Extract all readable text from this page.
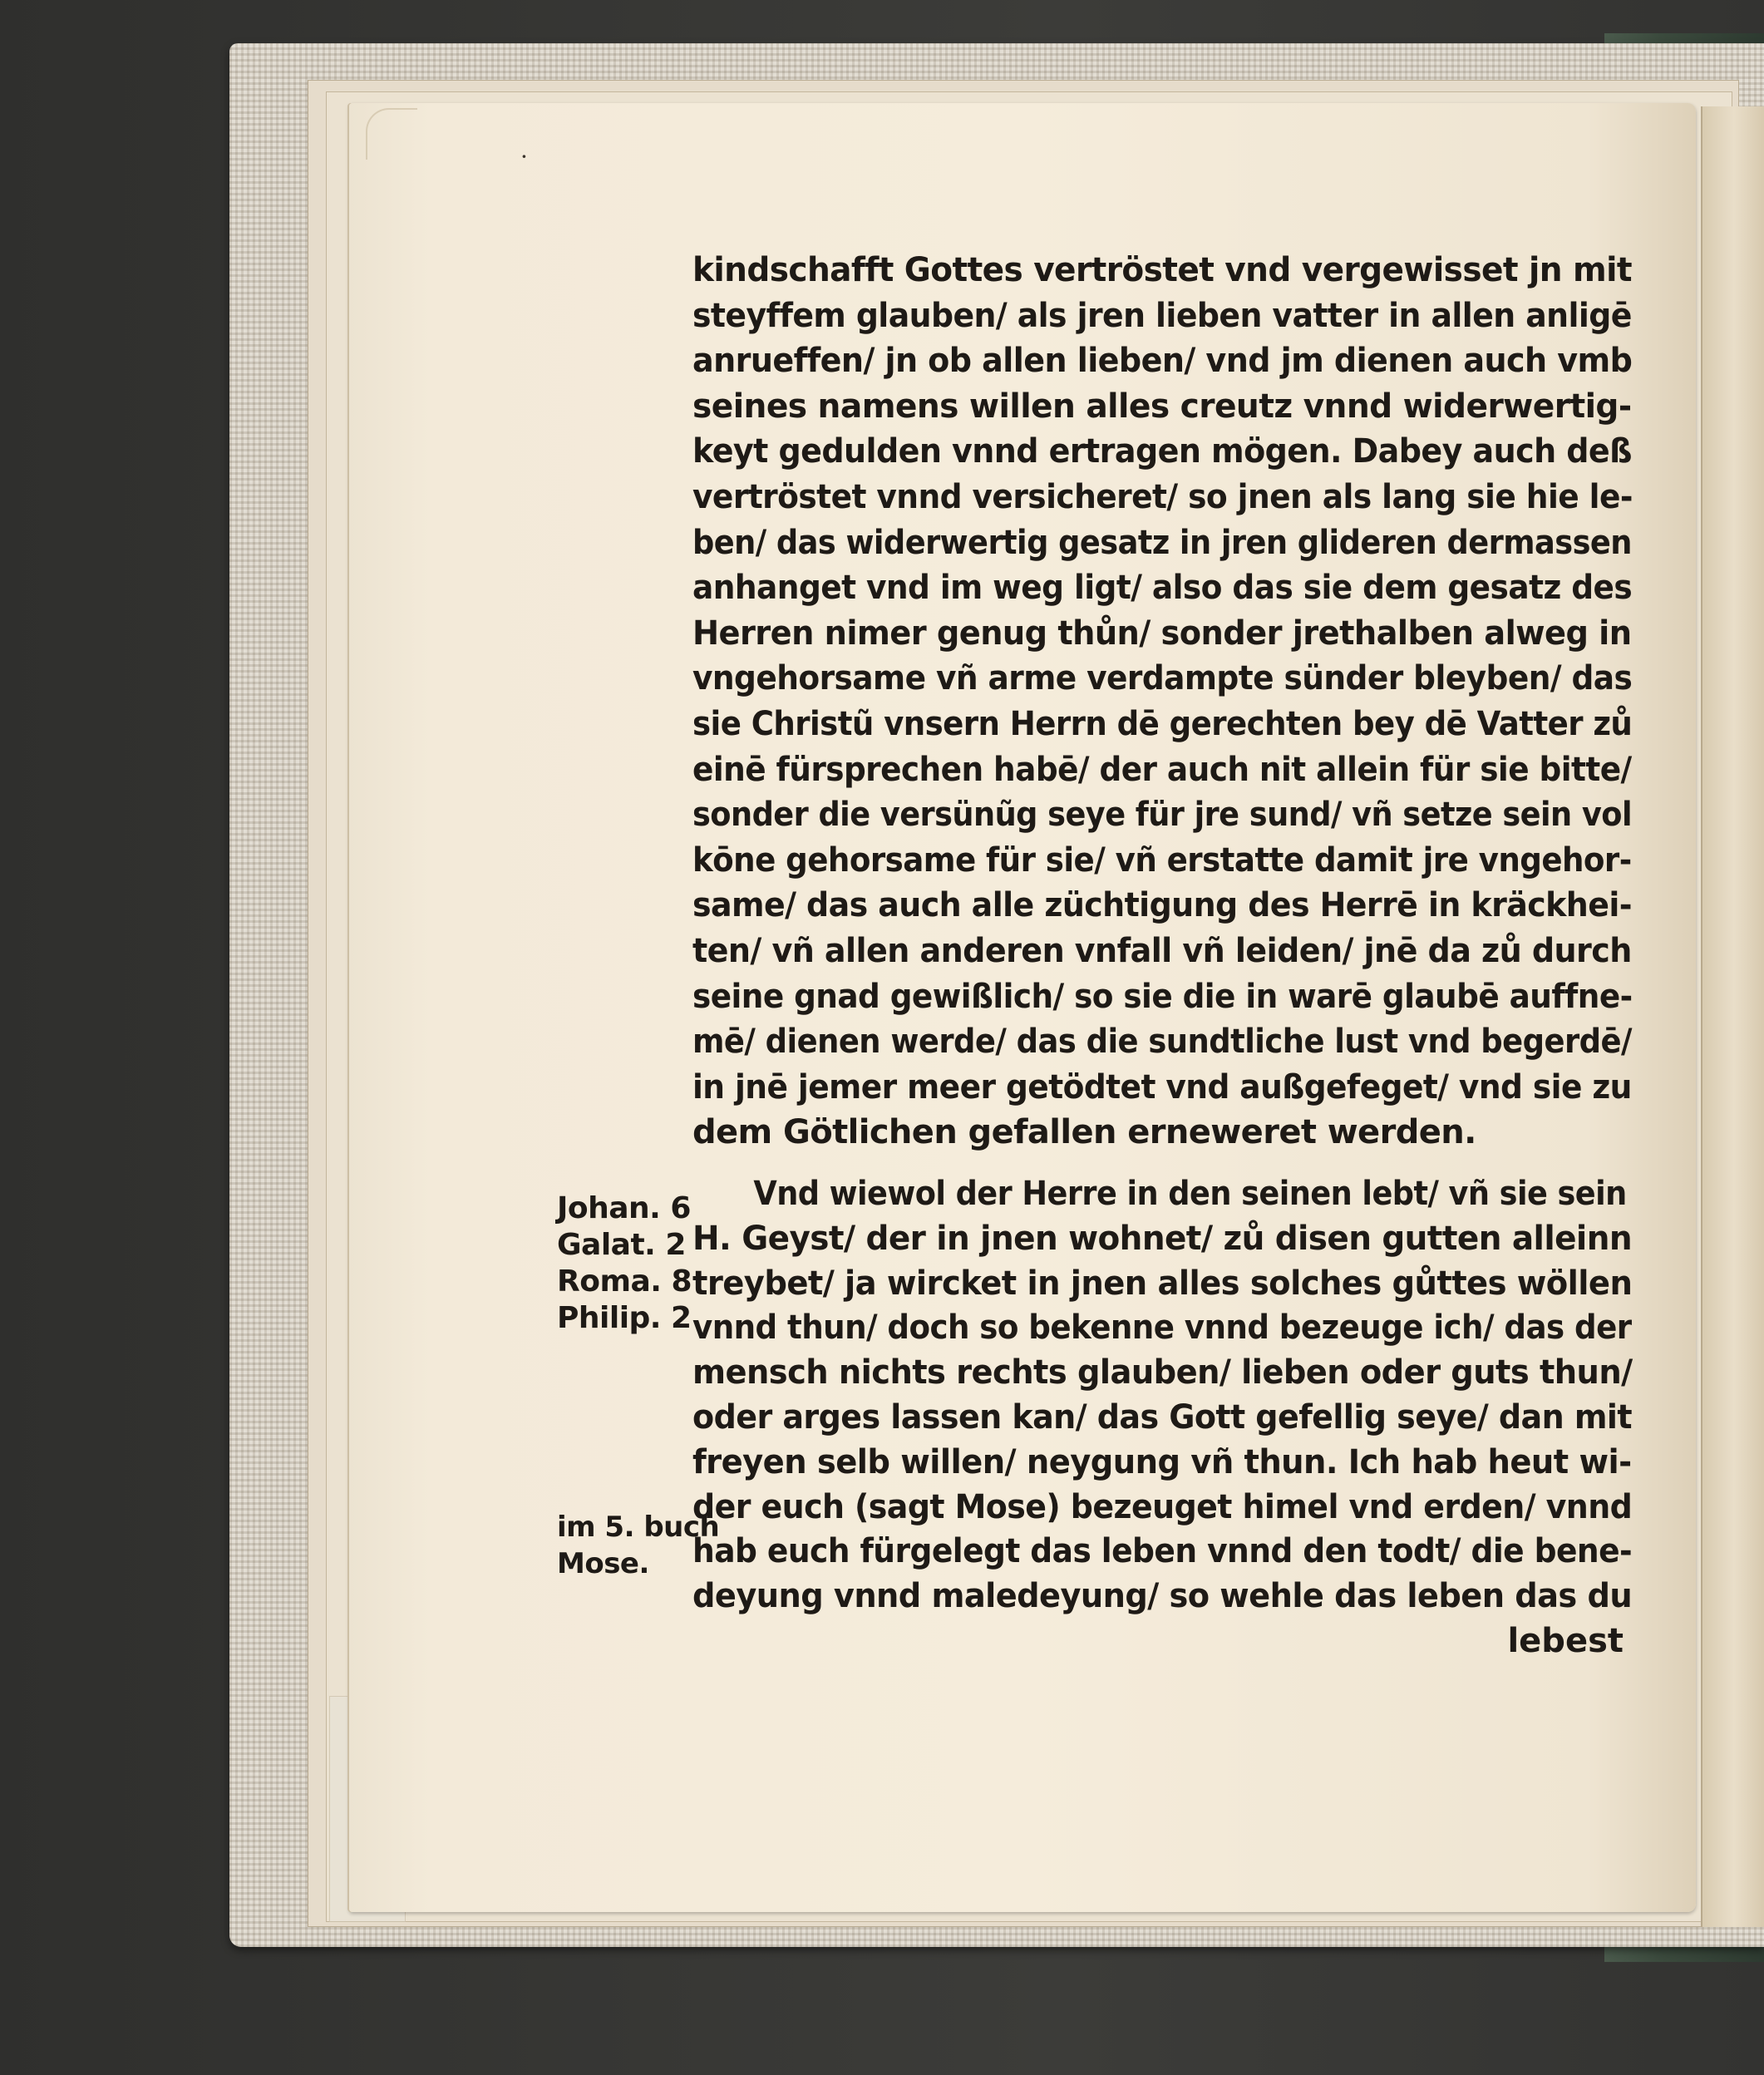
·
kindschafft Gottes vertröstet vnd vergewisset jn mit
steyffem glauben/ als jren lieben vatter in allen anligē
anrueffen/ jn ob allen lieben/ vnd jm dienen auch vmb
seines namens willen alles creutz vnnd widerwertig-
keyt gedulden vnnd ertragen mögen. Dabey auch deß
vertröstet vnnd versicheret/ so jnen als lang sie hie le-
ben/ das widerwertig gesatz in jren glideren dermassen
anhanget vnd im weg ligt/ also das sie dem gesatz des
Herren nimer genug thůn/ sonder jrethalben alweg in
vngehorsame vñ arme verdampte sünder bleyben/ das
sie Christũ vnsern Herrn dē gerechten bey dē Vatter zů
einē fürsprechen habē/ der auch nit allein für sie bitte/
sonder die versünũg seye für jre sund/ vñ setze sein vol
kōne gehorsame für sie/ vñ erstatte damit jre vngehor-
same/ das auch alle züchtigung des Herrē in kräckhei-
ten/ vñ allen anderen vnfall vñ leiden/ jnē da zů durch
seine gnad gewißlich/ so sie die in warē glaubē auffne-
mē/ dienen werde/ das die sundtliche lust vnd begerdē/
in jnē jemer meer getödtet vnd außgefeget/ vnd sie zu
dem Götlichen gefallen erneweret werden.
Johan. 6
Galat. 2
Roma. 8
Philip. 2
Vnd wiewol der Herre in den seinen lebt/ vñ sie sein
H. Geyst/ der in jnen wohnet/ zů disen gutten alleinn
treybet/ ja wircket in jnen alles solches gůttes wöllen
vnnd thun/ doch so bekenne vnnd bezeuge ich/ das der
mensch nichts rechts glauben/ lieben oder guts thun/
oder arges lassen kan/ das Gott gefellig seye/ dan mit
freyen selb willen/ neygung vñ thun. Ich hab heut wi-
der euch (sagt Mose) bezeuget himel vnd erden/ vnnd
hab euch fürgelegt das leben vnnd den todt/ die bene-
deyung vnnd maledeyung/ so wehle das leben das du
lebest
im 5. buch
Mose.
